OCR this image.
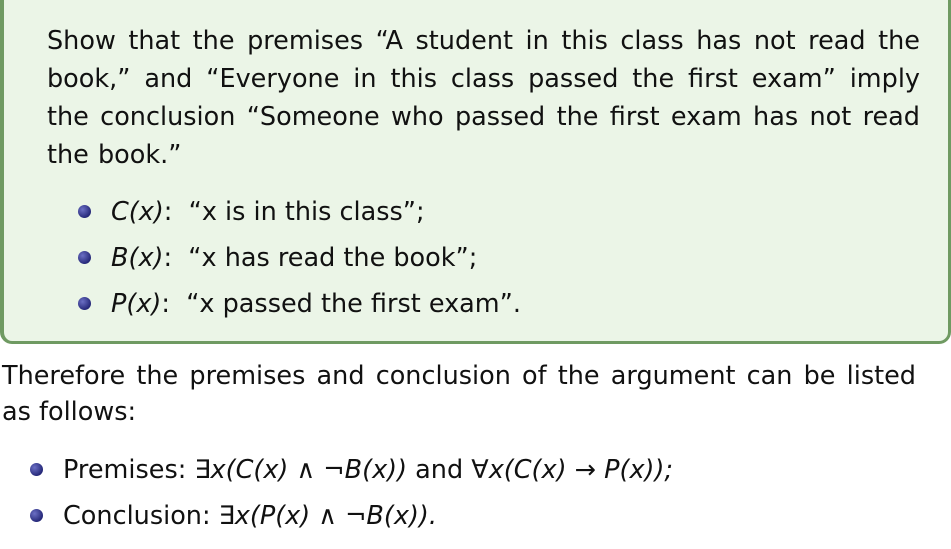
Show that the premises “A student in this class has not read the book,” and “Everyone in this class passed the first exam” imply the conclusion “Someone who passed the first exam has not read the book.”
C(x): “x is in this class”;
B(x): “x has read the book”;
P(x): “x passed the first exam”.
Therefore the premises and conclusion of the argument can be listed as follows:
Premises: ∃x(C(x) ∧ ¬B(x)) and ∀x(C(x) → P(x));
Conclusion: ∃x(P(x) ∧ ¬B(x)).
